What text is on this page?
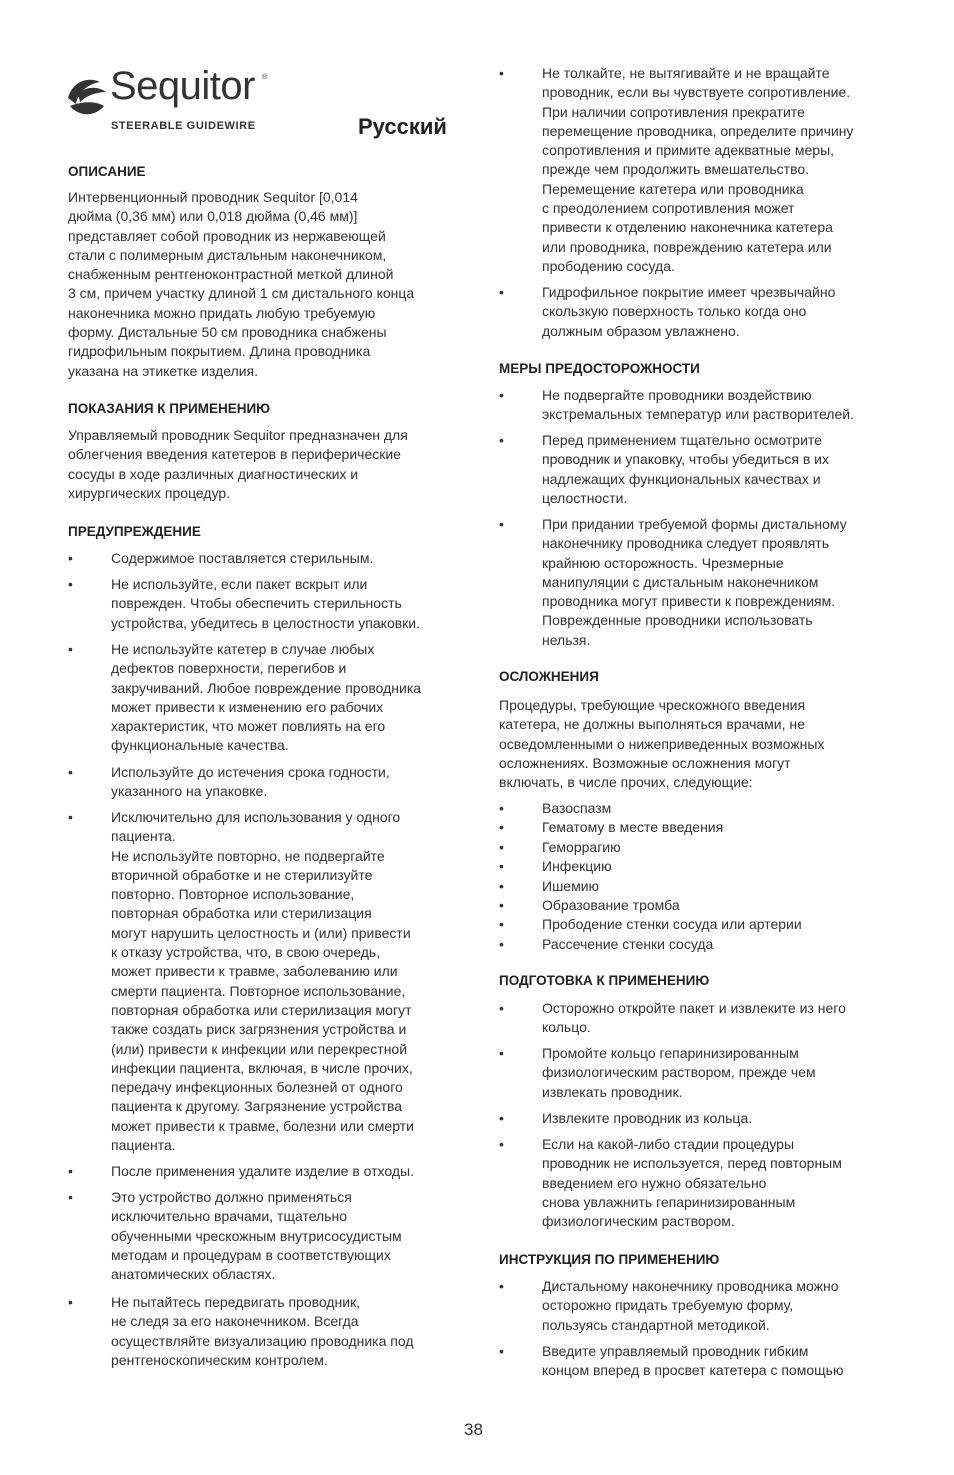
Sequitor ®
STEERABLE GUIDEWIRE	Русский
ОПИСАНИЕ
Интервенционный проводник Sequitor [0,014
дюйма (0,36 мм) или 0,018 дюйма (0,46 мм)]
представляет собой проводник из нержавеющей
стали с полимерным дистальным наконечником,
снабженным рентгеноконтрастной меткой длиной
3 см, причем участку длиной 1 см дистального конца
наконечника можно придать любую требуемую
форму. Дистальные 50 см проводника снабжены
гидрофильным покрытием. Длина проводника
указана на этикетке изделия.
ПОКАЗАНИЯ К ПРИМЕНЕНИЮ
Управляемый проводник Sequitor предназначен для
облегчения введения катетеров в периферические
сосуды в ходе различных диагностических и
хирургических процедур.
ПРЕДУПРЕЖДЕНИЕ
•	Содержимое поставляется стерильным.
•	Не используйте, если пакет вскрыт или
поврежден. Чтобы обеспечить стерильность
устройства, убедитесь в целостности упаковки.
•	Не используйте катетер в случае любых
дефектов поверхности, перегибов и
закручиваний. Любое повреждение проводника
может привести к изменению его рабочих
характеристик, что может повлиять на его
функциональные качества.
•	Используйте до истечения срока годности,
указанного на упаковке.
•	Исключительно для использования у одного
пациента.
Не используйте повторно, не подвергайте
вторичной обработке и не стерилизуйте
повторно. Повторное использование,
повторная обработка или стерилизация
могут нарушить целостность и (или) привести
к отказу устройства, что, в свою очередь,
может привести к травме, заболеванию или
смерти пациента. Повторное использование,
повторная обработка или стерилизация могут
также создать риск загрязнения устройства и
(или) привести к инфекции или перекрестной
инфекции пациента, включая, в числе прочих,
передачу инфекционных болезней от одного
пациента к другому. Загрязнение устройства
может привести к травме, болезни или смерти
пациента.
•	После применения удалите изделие в отходы.
•	Это устройство должно применяться
исключительно врачами, тщательно
обученными чрескожным внутрисосудистым
методам и процедурам в соответствующих
анатомических областях.
•	Не пытайтесь передвигать проводник,
не следя за его наконечником. Всегда
осуществляйте визуализацию проводника под
рентгеноскопическим контролем.
•	Не толкайте, не вытягивайте и не вращайте
проводник, если вы чувствуете сопротивление.
При наличии сопротивления прекратите
перемещение проводника, определите причину
сопротивления и примите адекватные меры,
прежде чем продолжить вмешательство.
Перемещение катетера или проводника
с преодолением сопротивления может
привести к отделению наконечника катетера
или проводника, повреждению катетера или
прободению сосуда.
•	Гидрофильное покрытие имеет чрезвычайно
скользкую поверхность только когда оно
должным образом увлажнено.
МЕРЫ ПРЕДОСТОРОЖНОСТИ
•	Не подвергайте проводники воздействию
экстремальных температур или растворителей.
•	Перед применением тщательно осмотрите
проводник и упаковку, чтобы убедиться в их
надлежащих функциональных качествах и
целостности.
•	При придании требуемой формы дистальному
наконечнику проводника следует проявлять
крайнюю осторожность. Чрезмерные
манипуляции с дистальным наконечником
проводника могут привести к повреждениям.
Поврежденные проводники использовать
нельзя.
ОСЛОЖНЕНИЯ
Процедуры, требующие чрескожного введения
катетера, не должны выполняться врачами, не
осведомленными о нижеприведенных возможных
осложнениях. Возможные осложнения могут
включать, в числе прочих, следующие:
•	Вазоспазм
•	Гематому в месте введения
•	Геморрагию
•	Инфекцию
•	Ишемию
•	Образование тромба
•	Прободение стенки сосуда или артерии
•	Рассечение стенки сосуда
ПОДГОТОВКА К ПРИМЕНЕНИЮ
•	Осторожно откройте пакет и извлеките из него
кольцо.
•	Промойте кольцо гепаринизированным
физиологическим раствором, прежде чем
извлекать проводник.
•	Извлеките проводник из кольца.
•	Если на какой-либо стадии процедуры
проводник не используется, перед повторным
введением его нужно обязательно
снова увлажнить гепаринизированным
физиологическим раствором.
ИНСТРУКЦИЯ ПО ПРИМЕНЕНИЮ
•	Дистальному наконечнику проводника можно
осторожно придать требуемую форму,
пользуясь стандартной методикой.
•	Введите управляемый проводник гибким
концом вперед в просвет катетера с помощью
38
